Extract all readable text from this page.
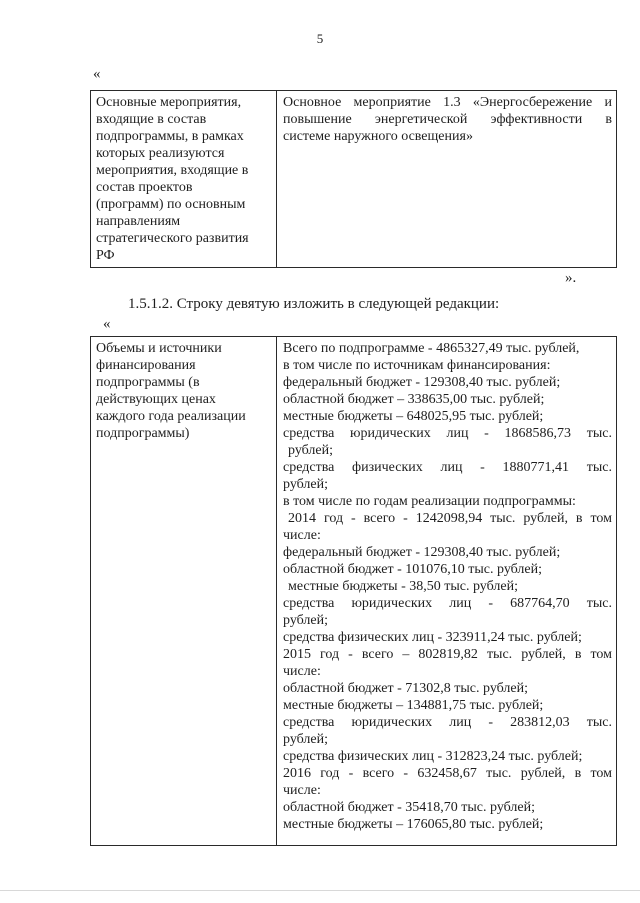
5
«
Основные мероприятия,
входящие в состав
подпрограммы, в рамках
которых реализуются
мероприятия, входящие в
состав проектов
(программ) по основным
направлениям
стратегического развития
РФ

Основное мероприятие 1.3 «Энергосбережение и
повышение энергетической эффективности в
системе наружного освещения»
».
1.5.1.2. Строку девятую изложить в следующей редакции:
«
Объемы и источники
финансирования
подпрограммы (в
действующих ценах
каждого года реализации
подпрограммы)

Всего по подпрограмме - 4865327,49 тыс. рублей,
в том числе по источникам финансирования:
федеральный бюджет - 129308,40 тыс. рублей;
областной бюджет – 338635,00 тыс. рублей;
местные бюджеты – 648025,95 тыс. рублей;
средства юридических лиц - 1868586,73 тыс.
рублей;
средства физических лиц - 1880771,41 тыс.
рублей;
в том числе по годам реализации подпрограммы:
2014 год - всего - 1242098,94 тыс. рублей, в том
числе:
федеральный бюджет - 129308,40 тыс. рублей;
областной бюджет - 101076,10 тыс. рублей;
местные бюджеты - 38,50 тыс. рублей;
средства юридических лиц - 687764,70 тыс.
рублей;
средства физических лиц - 323911,24 тыс. рублей;
2015 год - всего – 802819,82 тыс. рублей, в том
числе:
областной бюджет - 71302,8 тыс. рублей;
местные бюджеты – 134881,75 тыс. рублей;
средства юридических лиц - 283812,03 тыс.
рублей;
средства физических лиц - 312823,24 тыс. рублей;
2016 год - всего - 632458,67 тыс. рублей, в том
числе:
областной бюджет - 35418,70 тыс. рублей;
местные бюджеты – 176065,80 тыс. рублей;
